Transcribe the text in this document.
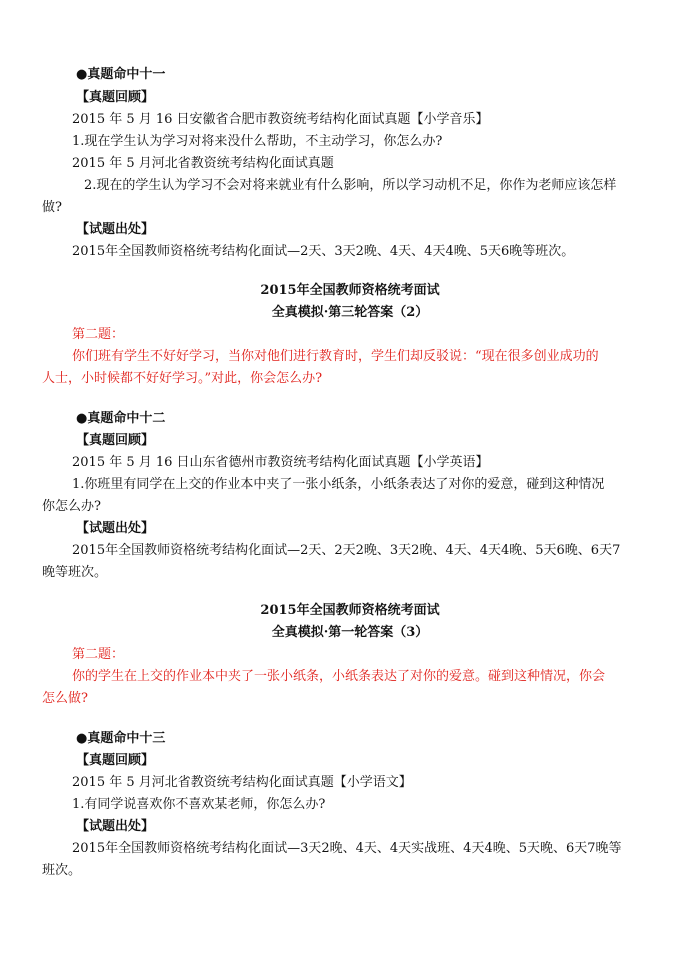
●真题命中十一
【真题回顾】
2015 年 5 月 16 日安徽省合肥市教资统考结构化面试真题【小学音乐】
1.现在学生认为学习对将来没什么帮助，不主动学习，你怎么办?
2015 年 5 月河北省教资统考结构化面试真题
2.现在的学生认为学习不会对将来就业有什么影响，所以学习动机不足，你作为老师应该怎样
做?
【试题出处】
2015年全国教师资格统考结构化面试—2天、3天2晚、4天、4天4晚、5天6晚等班次。
2015年全国教师资格统考面试
全真模拟·第三轮答案（2）
第二题：
你们班有学生不好好学习，当你对他们进行教育时，学生们却反驳说：“现在很多创业成功的
人士，小时候都不好好学习。”对此，你会怎么办?
●真题命中十二
【真题回顾】
2015 年 5 月 16 日山东省德州市教资统考结构化面试真题【小学英语】
1.你班里有同学在上交的作业本中夹了一张小纸条，小纸条表达了对你的爱意，碰到这种情况
你怎么办?
【试题出处】
2015年全国教师资格统考结构化面试—2天、2天2晚、3天2晚、4天、4天4晚、5天6晚、6天7
晚等班次。
2015年全国教师资格统考面试
全真模拟·第一轮答案（3）
第二题：
你的学生在上交的作业本中夹了一张小纸条，小纸条表达了对你的爱意。碰到这种情况，你会
怎么做?
●真题命中十三
【真题回顾】
2015 年 5 月河北省教资统考结构化面试真题【小学语文】
1.有同学说喜欢你不喜欢某老师，你怎么办?
【试题出处】
2015年全国教师资格统考结构化面试—3天2晚、4天、4天实战班、4天4晚、5天晚、6天7晚等
班次。
